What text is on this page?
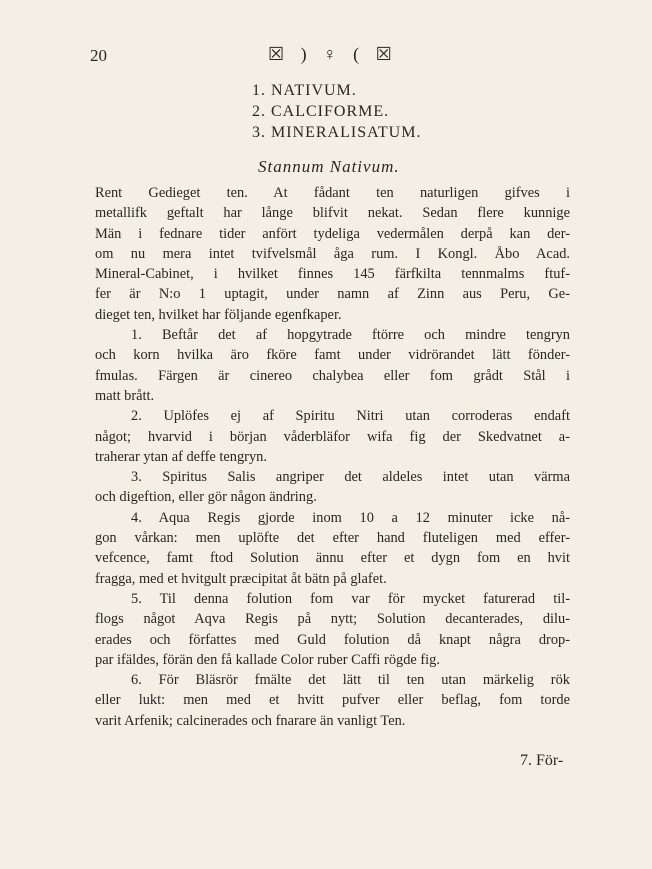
20	☒ ) ♀ ( ☒
1. NATIVUM.
2. CALCIFORME.
3. MINERALISATUM.
Stannum Nativum.
Rent Gedieget ten. At fådant ten naturligen gifves i
metallifk geftalt har långe blifvit nekat. Sedan flere kunnige
Män i fednare tider anfört tydeliga vedermålen derpå kan der-
om nu mera intet tvifvelsmål åga rum. I Kongl. Åbo Acad.
Mineral-Cabinet, i hvilket finnes 145 färfkilta tennmalms ftuf-
fer är N:o 1 uptagit, under namn af Zinn aus Peru, Ge-
dieget ten, hvilket har följande egenfkaper.
1. Beftår det af hopgytrade ftörre och mindre tengryn
och korn hvilka äro fköre famt under vidrörandet lätt fönder-
fmulas. Färgen är cinereo chalybea eller fom grådt Stål i
matt brått.
2. Uplöfes ej af Spiritu Nitri utan corroderas endaft
något; hvarvid i början våderbläfor wifa fig der Skedvatnet a-
traherar ytan af deffe tengryn.
3. Spiritus Salis angriper det aldeles intet utan värma
och digeftion, eller gör någon ändring.
4. Aqua Regis gjorde inom 10 a 12 minuter icke nå-
gon vårkan: men uplöfte det efter hand fluteligen med effer-
vefcence, famt ftod Solution ännu efter et dygn fom en hvit
fragga, med et hvitgult præcipitat åt bätn på glafet.
5. Til denna folution fom var för mycket faturerad til-
flogs något Aqva Regis på nytt; Solution decanterades, dilu-
erades och författes med Guld folution då knapt några drop-
par ifäldes, förän den få kallade Color ruber Caffi rögde fig.
6. För Bläsrör fmälte det lätt til ten utan märkelig rök
eller lukt: men med et hvitt pufver eller beflag, fom torde
varit Arfenik; calcinerades och fnarare än vanligt Ten.
7. För-
